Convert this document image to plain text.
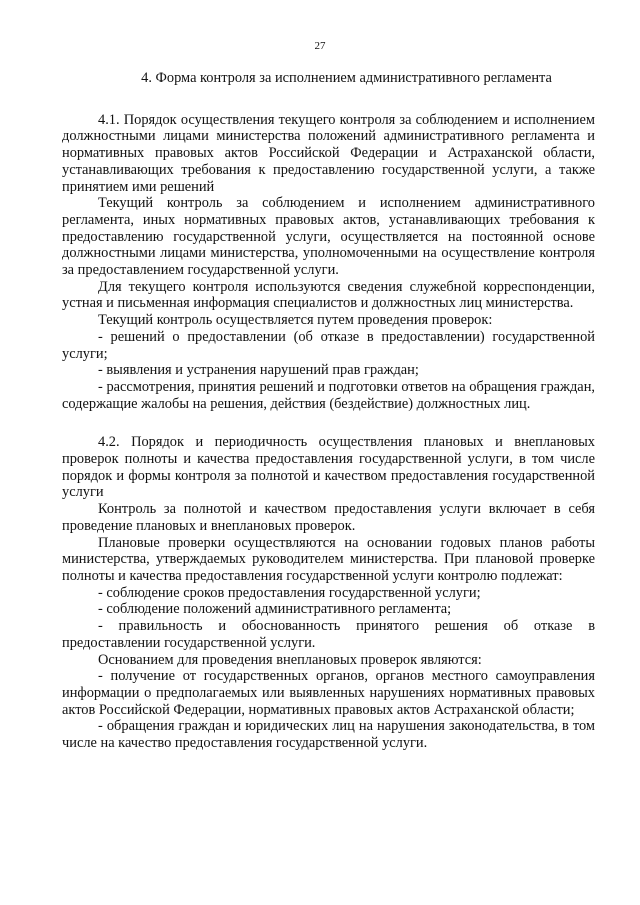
27
4. Форма контроля за исполнением административного регламента

4.1. Порядок осуществления текущего контроля за соблюдением и исполнением должностными лицами министерства положений административного регламента и нормативных правовых актов Российской Федерации и Астраханской области, устанавливающих требования к предоставлению государственной услуги, а также принятием ими решений

Текущий контроль за соблюдением и исполнением административного регламента, иных нормативных правовых актов, устанавливающих требования к предоставлению государственной услуги, осуществляется на постоянной основе должностными лицами министерства, уполномоченными на осуществление контроля за предоставлением государственной услуги.

Для текущего контроля используются сведения служебной корреспонденции, устная и письменная информация специалистов и должностных лиц министерства.

Текущий контроль осуществляется путем проведения проверок:

- решений о предоставлении (об отказе в предоставлении) государственной услуги;

- выявления и устранения нарушений прав граждан;

- рассмотрения, принятия решений и подготовки ответов на обращения граждан, содержащие жалобы на решения, действия (бездействие) должностных лиц.

4.2. Порядок и периодичность осуществления плановых и внеплановых проверок полноты и качества предоставления государственной услуги, в том числе порядок и формы контроля за полнотой и качеством предоставления государственной услуги

Контроль за полнотой и качеством предоставления услуги включает в себя проведение плановых и внеплановых проверок.

Плановые проверки осуществляются на основании годовых планов работы министерства, утверждаемых руководителем министерства. При плановой проверке полноты и качества предоставления государственной услуги контролю подлежат:

- соблюдение сроков предоставления государственной услуги;

- соблюдение положений административного регламента;

- правильность и обоснованность принятого решения об отказе в предоставлении государственной услуги.

Основанием для проведения внеплановых проверок являются:

- получение от государственных органов, органов местного самоуправления информации о предполагаемых или выявленных нарушениях нормативных правовых актов Российской Федерации, нормативных правовых актов Астраханской области;

- обращения граждан и юридических лиц на нарушения законодательства, в том числе на качество предоставления государственной услуги.
